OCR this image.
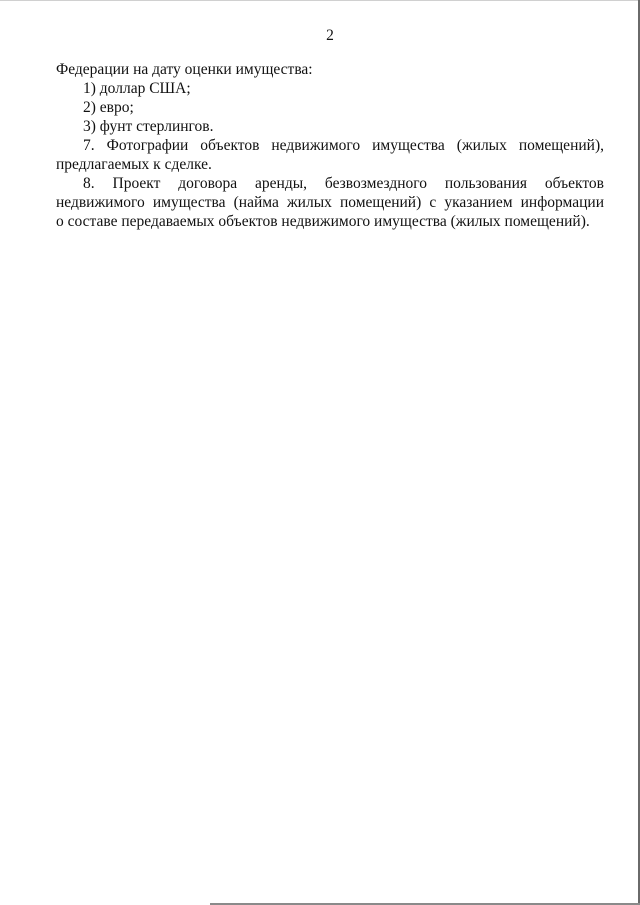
2
Федерации на дату оценки имущества:
1) доллар США;
2) евро;
3) фунт стерлингов.
7. Фотографии объектов недвижимого имущества (жилых помещений),
предлагаемых к сделке.
8. Проект договора аренды, безвозмездного пользования объектов
недвижимого имущества (найма жилых помещений) с указанием информации
о составе передаваемых объектов недвижимого имущества (жилых помещений).
